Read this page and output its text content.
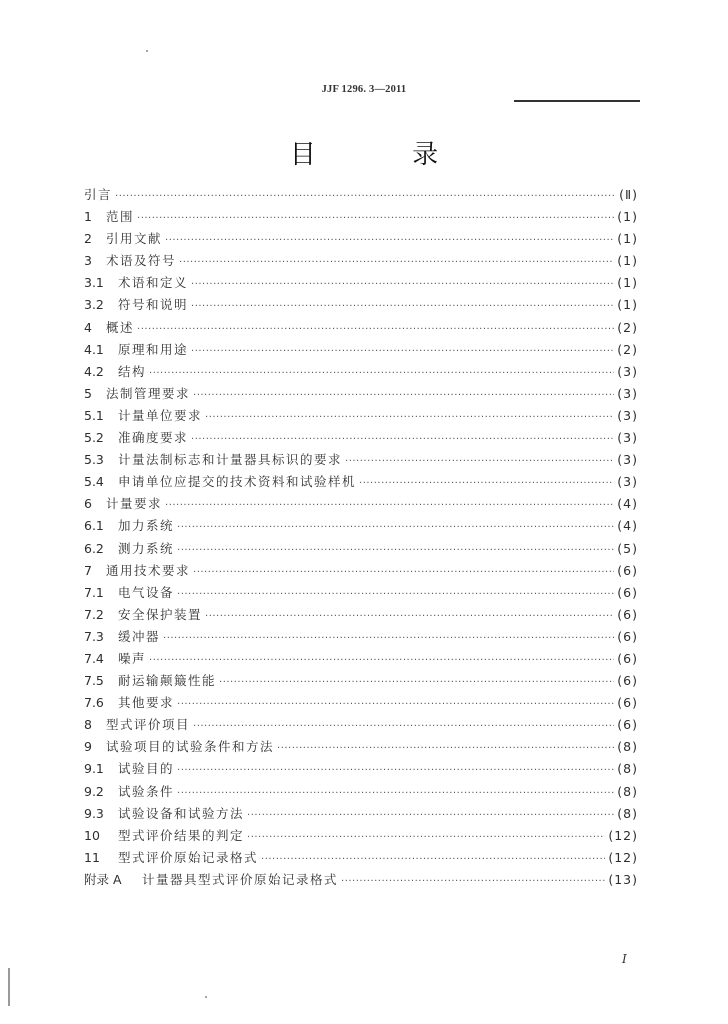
JJF 1296. 3—2011
目 录
引言 ·····	(Ⅱ)
1	范围 ·····	(1)
2	引用文献 ·····	(1)
3	术语及符号 ·····	(1)
3.1	术语和定义 ·····	(1)
3.2	符号和说明 ·····	(1)
4	概述 ·····	(2)
4.1	原理和用途 ·····	(2)
4.2	结构 ·····	(3)
5	法制管理要求 ·····	(3)
5.1	计量单位要求 ·····	(3)
5.2	准确度要求 ·····	(3)
5.3	计量法制标志和计量器具标识的要求 ·····	(3)
5.4	申请单位应提交的技术资料和试验样机 ·····	(3)
6	计量要求 ·····	(4)
6.1	加力系统 ·····	(4)
6.2	测力系统 ·····	(5)
7	通用技术要求 ·····	(6)
7.1	电气设备 ·····	(6)
7.2	安全保护装置 ·····	(6)
7.3	缓冲器 ·····	(6)
7.4	噪声 ·····	(6)
7.5	耐运输颠簸性能 ·····	(6)
7.6	其他要求 ·····	(6)
8	型式评价项目 ·····	(6)
9	试验项目的试验条件和方法 ·····	(8)
9.1	试验目的 ·····	(8)
9.2	试验条件 ·····	(8)
9.3	试验设备和试验方法 ·····	(8)
10	型式评价结果的判定 ·····	(12)
11	型式评价原始记录格式 ·····	(12)
附录 A	计量器具型式评价原始记录格式 ·····	(13)
I
